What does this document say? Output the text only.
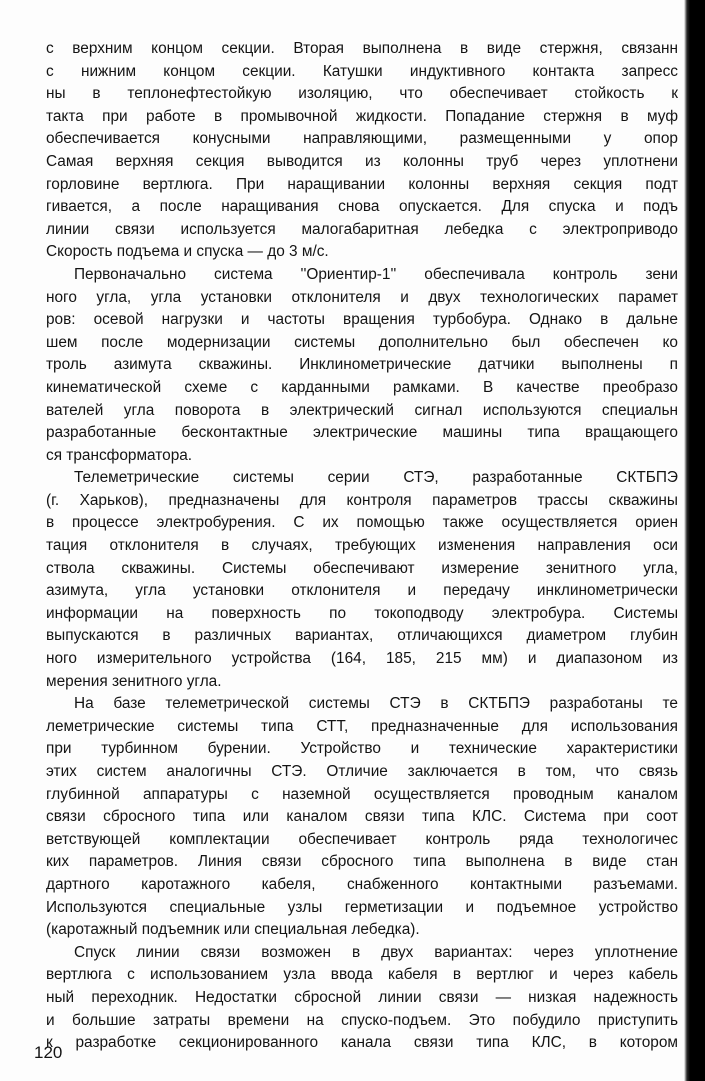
с верхним концом секции. Вторая выполнена в виде стержня, связанн
с нижним концом секции. Катушки индуктивного контакта запресс
ны в теплонефтестойкую изоляцию, что обеспечивает стойкость к
такта при работе в промывочной жидкости. Попадание стержня в муф
обеспечивается конусными направляющими, размещенными у опор
Самая верхняя секция выводится из колонны труб через уплотнени
горловине вертлюга. При наращивании колонны верхняя секция подт
гивается, а после наращивания снова опускается. Для спуска и подъ
линии связи используется малогабаритная лебедка с электроприводо
Скорость подъема и спуска — до 3 м/с.
Первоначально система ''Ориентир-1'' обеспечивала контроль зени
ного угла, угла установки отклонителя и двух технологических парамет
ров: осевой нагрузки и частоты вращения турбобура. Однако в дальне
шем после модернизации системы дополнительно был обеспечен ко
троль азимута скважины. Инклинометрические датчики выполнены п
кинематической схеме с карданными рамками. В качестве преобразо
вателей угла поворота в электрический сигнал используются специальн
разработанные бесконтактные электрические машины типа вращающего
ся трансформатора.
Телеметрические системы серии СТЭ, разработанные СКТБПЭ
(г. Харьков), предназначены для контроля параметров трассы скважины
в процессе электробурения. С их помощью также осуществляется ориен
тация отклонителя в случаях, требующих изменения направления оси
ствола скважины. Системы обеспечивают измерение зенитного угла,
азимута, угла установки отклонителя и передачу инклинометрически
информации на поверхность по токоподводу электробура. Системы
выпускаются в различных вариантах, отличающихся диаметром глубин
ного измерительного устройства (164, 185, 215 мм) и диапазоном из
мерения зенитного угла.
На базе телеметрической системы СТЭ в СКТБПЭ разработаны те
леметрические системы типа СТТ, предназначенные для использования
при турбинном бурении. Устройство и технические характеристики
этих систем аналогичны СТЭ. Отличие заключается в том, что связь
глубинной аппаратуры с наземной осуществляется проводным каналом
связи сбросного типа или каналом связи типа КЛС. Система при соот
ветствующей комплектации обеспечивает контроль ряда технологичес
ких параметров. Линия связи сбросного типа выполнена в виде стан
дартного каротажного кабеля, снабженного контактными разъемами.
Используются специальные узлы герметизации и подъемное устройство
(каротажный подъемник или специальная лебедка).
Спуск линии связи возможен в двух вариантах: через уплотнение
вертлюга с использованием узла ввода кабеля в вертлюг и через кабель
ный переходник. Недостатки сбросной линии связи — низкая надежность
и большие затраты времени на спуско-подъем. Это побудило приступить
к разработке секционированного канала связи типа КЛС, в котором
120
